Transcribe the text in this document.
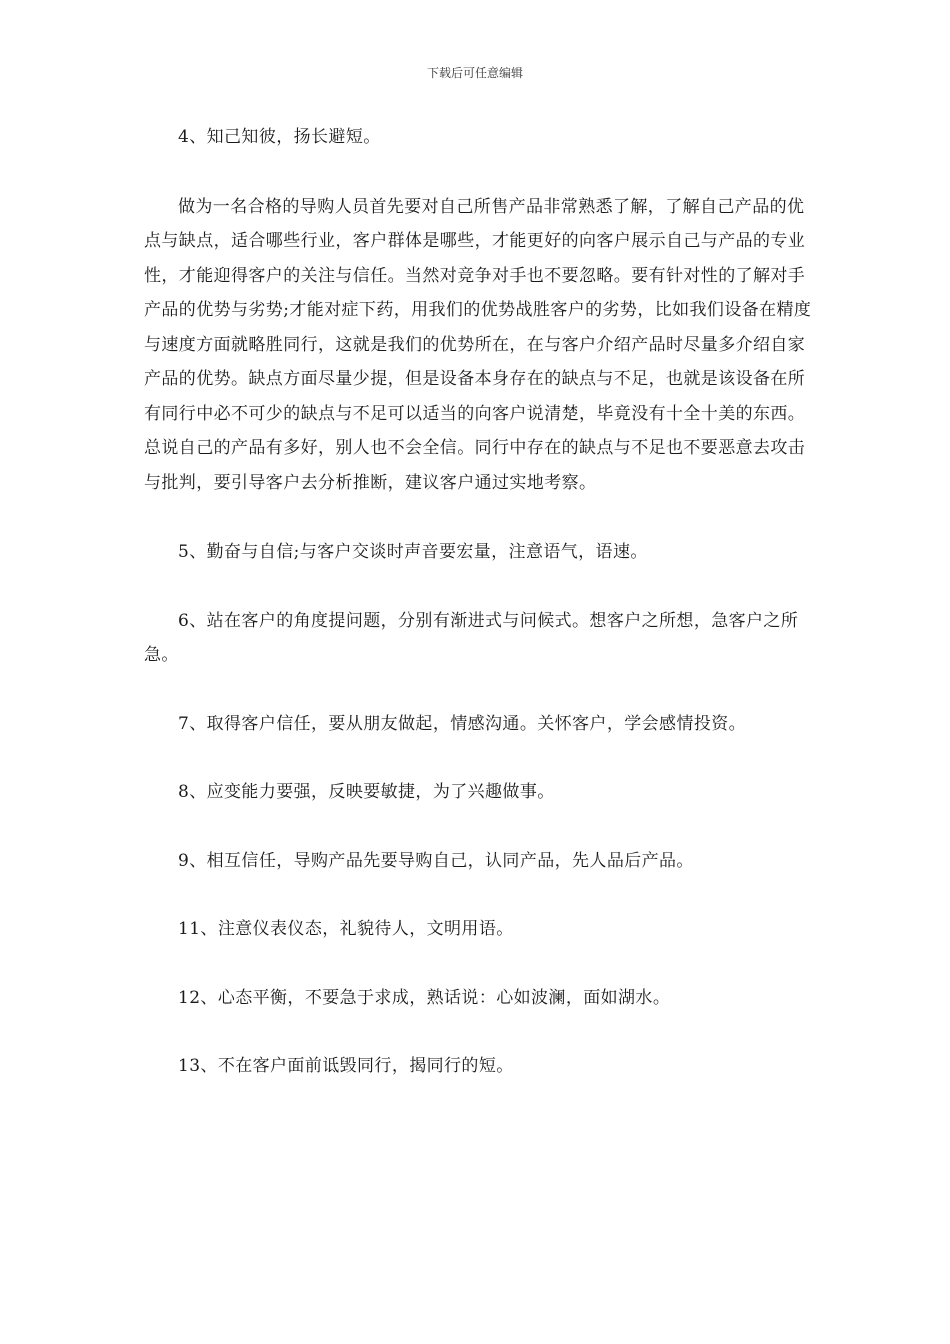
下载后可任意编辑

4、知己知彼，扬长避短。

做为一名合格的导购人员首先要对自己所售产品非常熟悉了解，了解自己产品的优点与缺点，适合哪些行业，客户群体是哪些，才能更好的向客户展示自己与产品的专业性，才能迎得客户的关注与信任。当然对竞争对手也不要忽略。要有针对性的了解对手产品的优势与劣势;才能对症下药，用我们的优势战胜客户的劣势，比如我们设备在精度与速度方面就略胜同行，这就是我们的优势所在，在与客户介绍产品时尽量多介绍自家产品的优势。缺点方面尽量少提，但是设备本身存在的缺点与不足，也就是该设备在所有同行中必不可少的缺点与不足可以适当的向客户说清楚，毕竟没有十全十美的东西。总说自己的产品有多好，别人也不会全信。同行中存在的缺点与不足也不要恶意去攻击与批判，要引导客户去分析推断，建议客户通过实地考察。

5、勤奋与自信;与客户交谈时声音要宏量，注意语气，语速。

6、站在客户的角度提问题，分别有渐进式与问候式。想客户之所想，急客户之所急。

7、取得客户信任，要从朋友做起，情感沟通。关怀客户，学会感情投资。

8、应变能力要强，反映要敏捷，为了兴趣做事。

9、相互信任，导购产品先要导购自己，认同产品，先人品后产品。

11、注意仪表仪态，礼貌待人，文明用语。

12、心态平衡，不要急于求成，熟话说：心如波澜，面如湖水。

13、不在客户面前诋毁同行，揭同行的短。
